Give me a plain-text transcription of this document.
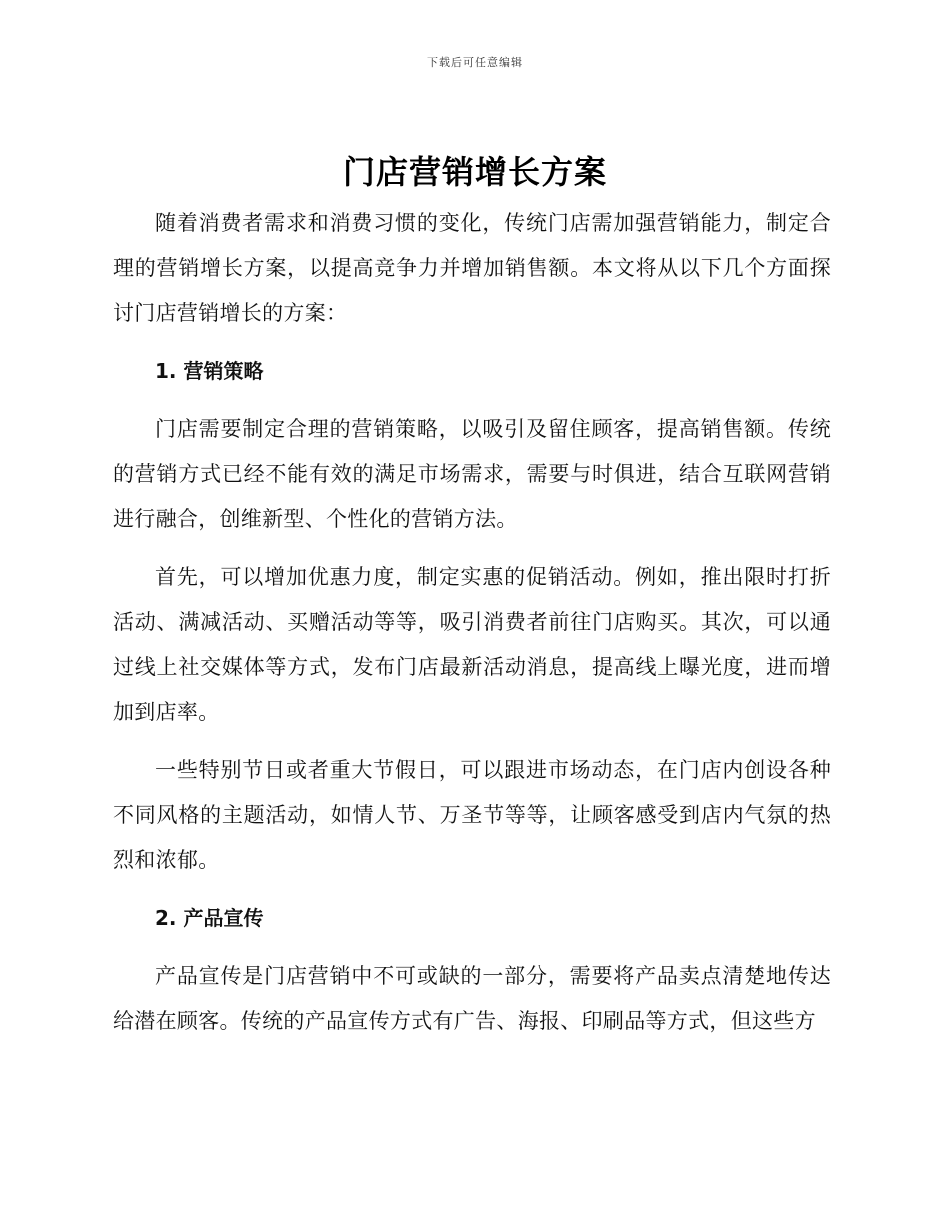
下载后可任意编辑
门店营销增长方案

随着消费者需求和消费习惯的变化，传统门店需加强营销能力，制定合理的营销增长方案，以提高竞争力并增加销售额。本文将从以下几个方面探讨门店营销增长的方案：

1. 营销策略

门店需要制定合理的营销策略，以吸引及留住顾客，提高销售额。传统的营销方式已经不能有效的满足市场需求，需要与时俱进，结合互联网营销进行融合，创维新型、个性化的营销方法。

首先，可以增加优惠力度，制定实惠的促销活动。例如，推出限时打折活动、满减活动、买赠活动等等，吸引消费者前往门店购买。其次，可以通过线上社交媒体等方式，发布门店最新活动消息，提高线上曝光度，进而增加到店率。

一些特别节日或者重大节假日，可以跟进市场动态，在门店内创设各种不同风格的主题活动，如情人节、万圣节等等，让顾客感受到店内气氛的热烈和浓郁。

2. 产品宣传

产品宣传是门店营销中不可或缺的一部分，需要将产品卖点清楚地传达给潜在顾客。传统的产品宣传方式有广告、海报、印刷品等方式，但这些方
